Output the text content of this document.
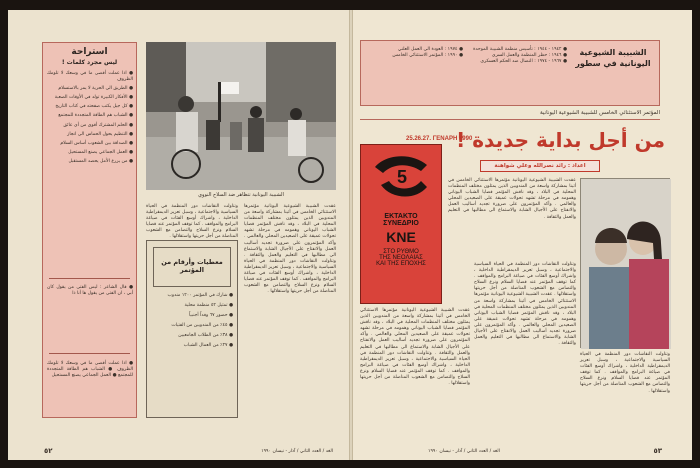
استراحة
ليس مجرد كلمات !
● اذا عملت أقصى ما في وسعك لا تلومك الظروف
● الطريق الى الحرية لا يمر بالاستسلام
● الأفكار الكبيرة تولد في الأوقات الصعبة
● كل جيل يكتب صفحته في كتاب التاريخ
● الشباب هم الطاقة المتجددة للمجتمع
● الحلم المشترك أقوى من أي عائق
● التنظيم يحول الحماس الى انجاز
● الصداقة بين الشعوب أساس السلام
● العمل الجماعي يصنع المستحيل
● من يزرع الأمل يحصد المستقبل
● قال الشاعر : ليس الفتى من يقول كان أبي ، ان الفتى من يقول ها أنا ذا
● اذا عملت أقصى ما في وسعك لا تلومك الظروف ● الشباب هم الطاقة المتجددة للمجتمع ● العمل الجماعي يصنع المستحيل
الشبيبة اليونانية تتظاهر ضد السلاح النووي
معطيات وأرقام من المؤتمر
● شارك في المؤتمر ١٢٠٠ مندوب
● تمثيل ٥٢ منظمة محلية
● حضور ٦٧ وفداً أجنبياً
● ٤٥٪ من المندوبين من الفتيات
● ٣٨٪ من الطلاب الجامعيين
● ٢٧٪ من العمال الشباب
عقدت الشبيبة الشيوعية اليونانية مؤتمرها الاستثنائي الخامس في أثينا بمشاركة واسعة من المندوبين الذين يمثلون مختلف المنظمات المحلية في البلاد ، وقد ناقش المؤتمر قضايا الشباب اليوناني وهمومه في مرحلة تشهد تحولات عميقة على الصعيدين المحلي والعالمي . وأكد المؤتمرون على ضرورة تجديد أساليب العمل والانفتاح على الأجيال الشابة والاستماع الى مطالبها في التعليم والعمل والثقافة . وتناولت النقاشات دور المنظمة في الحياة السياسية والاجتماعية ، وسبل تعزيز الديمقراطية الداخلية ، واشراك أوسع الفئات في صياغة البرامج والمواقف . كما توقف المؤتمر عند قضايا السلام ونزع السلاح والتضامن مع الشعوب المناضلة من أجل حريتها واستقلالها .
وتناولت النقاشات دور المنظمة في الحياة السياسية والاجتماعية ، وسبل تعزيز الديمقراطية الداخلية ، واشراك أوسع الفئات في صياغة البرامج والمواقف . كما توقف المؤتمر عند قضايا السلام ونزع السلاح والتضامن مع الشعوب المناضلة من أجل حريتها واستقلالها .
٥٢	الغد / العدد الثاني / آذار - نيسان ١٩٩٠
الشبيبة الشيوعية اليونانية في سطور
● ١٩٤٢ - ١٩٤٤ : تأسيس منظمة الشبيبة الموحدة
● ١٩٤٦ : حظر المنظمة والعمل السري
● ١٩٦٧ - ١٩٧٤ : النضال ضد الحكم العسكري
● ١٩٧٤ : العودة الى العمل العلني
● ١٩٩٠ : المؤتمر الاستثنائي الخامس
المؤتمر الاستثنائي الخامس للشبيبة الشيوعية اليونانية
من أجل بداية جديدة !
25.26.27. ΓΕΝΑΡΗ 1990
اعداد : رائد نصرالله وعلي شواهنة
5
ΕΚΤΑΚΤΟ
ΣΥΝΕΔΡΙΟ
ΚΝΕ
ΣΤΟ ΡΥΘΜΟ
ΤΗΣ ΝΕΟΛΑΙΑΣ
ΚΑΙ ΤΗΣ ΕΠΟΧΗΣ
عقدت الشبيبة الشيوعية اليونانية مؤتمرها الاستثنائي الخامس في أثينا بمشاركة واسعة من المندوبين الذين يمثلون مختلف المنظمات المحلية في البلاد ، وقد ناقش المؤتمر قضايا الشباب اليوناني وهمومه في مرحلة تشهد تحولات عميقة على الصعيدين المحلي والعالمي . وأكد المؤتمرون على ضرورة تجديد أساليب العمل والانفتاح على الأجيال الشابة والاستماع الى مطالبها في التعليم والعمل والثقافة .
عقدت الشبيبة الشيوعية اليونانية مؤتمرها الاستثنائي الخامس في أثينا بمشاركة واسعة من المندوبين الذين يمثلون مختلف المنظمات المحلية في البلاد ، وقد ناقش المؤتمر قضايا الشباب اليوناني وهمومه في مرحلة تشهد تحولات عميقة على الصعيدين المحلي والعالمي . وأكد المؤتمرون على ضرورة تجديد أساليب العمل والانفتاح على الأجيال الشابة والاستماع الى مطالبها في التعليم والعمل والثقافة . وتناولت النقاشات دور المنظمة في الحياة السياسية والاجتماعية ، وسبل تعزيز الديمقراطية الداخلية ، واشراك أوسع الفئات في صياغة البرامج والمواقف . كما توقف المؤتمر عند قضايا السلام ونزع السلاح والتضامن مع الشعوب المناضلة من أجل حريتها واستقلالها .
وتناولت النقاشات دور المنظمة في الحياة السياسية والاجتماعية ، وسبل تعزيز الديمقراطية الداخلية ، واشراك أوسع الفئات في صياغة البرامج والمواقف . كما توقف المؤتمر عند قضايا السلام ونزع السلاح والتضامن مع الشعوب المناضلة من أجل حريتها واستقلالها . عقدت الشبيبة الشيوعية اليونانية مؤتمرها الاستثنائي الخامس في أثينا بمشاركة واسعة من المندوبين الذين يمثلون مختلف المنظمات المحلية في البلاد ، وقد ناقش المؤتمر قضايا الشباب اليوناني وهمومه في مرحلة تشهد تحولات عميقة على الصعيدين المحلي والعالمي . وأكد المؤتمرون على ضرورة تجديد أساليب العمل والانفتاح على الأجيال الشابة والاستماع الى مطالبها في التعليم والعمل والثقافة .
وتناولت النقاشات دور المنظمة في الحياة السياسية والاجتماعية ، وسبل تعزيز الديمقراطية الداخلية ، واشراك أوسع الفئات في صياغة البرامج والمواقف . كما توقف المؤتمر عند قضايا السلام ونزع السلاح والتضامن مع الشعوب المناضلة من أجل حريتها واستقلالها .
٥٣
الغد / العدد الثاني / آذار - نيسان ١٩٩٠
